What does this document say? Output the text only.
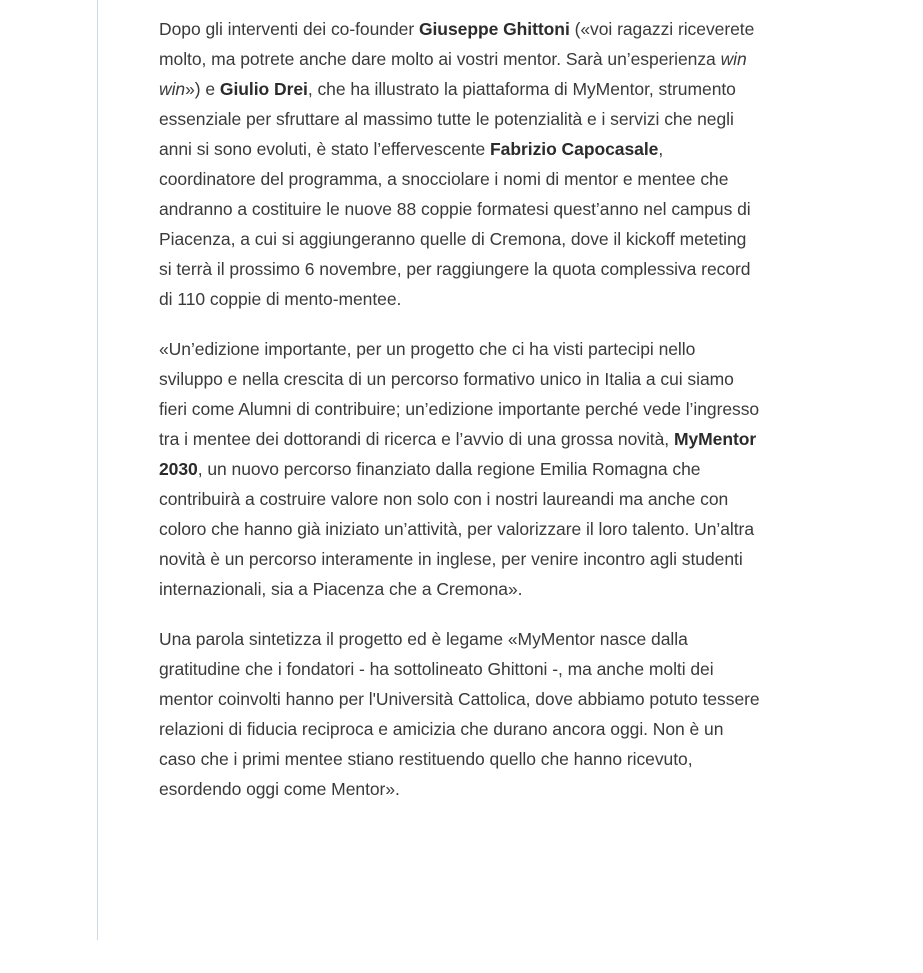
Dopo gli interventi dei co-founder Giuseppe Ghittoni («voi ragazzi riceverete molto, ma potrete anche dare molto ai vostri mentor. Sarà un’esperienza win win») e Giulio Drei, che ha illustrato la piattaforma di MyMentor, strumento essenziale per sfruttare al massimo tutte le potenzialità e i servizi che negli anni si sono evoluti, è stato l’effervescente Fabrizio Capocasale, coordinatore del programma, a snocciolare i nomi di mentor e mentee che andranno a costituire le nuove 88 coppie formatesi quest’anno nel campus di Piacenza, a cui si aggiungeranno quelle di Cremona, dove il kickoff meteting si terrà il prossimo 6 novembre, per raggiungere la quota complessiva record di 110 coppie di mento-mentee.

«Un’edizione importante, per un progetto che ci ha visti partecipi nello sviluppo e nella crescita di un percorso formativo unico in Italia a cui siamo fieri come Alumni di contribuire; un’edizione importante perché vede l’ingresso tra i mentee dei dottorandi di ricerca e l’avvio di una grossa novità, MyMentor 2030, un nuovo percorso finanziato dalla regione Emilia Romagna che contribuirà a costruire valore non solo con i nostri laureandi ma anche con coloro che hanno già iniziato un’attività, per valorizzare il loro talento. Un’altra novità è un percorso interamente in inglese, per venire incontro agli studenti internazionali, sia a Piacenza che a Cremona».

Una parola sintetizza il progetto ed è legame «MyMentor nasce dalla gratitudine che i fondatori - ha sottolineato Ghittoni -, ma anche molti dei mentor coinvolti hanno per l'Università Cattolica, dove abbiamo potuto tessere relazioni di fiducia reciproca e amicizia che durano ancora oggi. Non è un caso che i primi mentee stiano restituendo quello che hanno ricevuto, esordendo oggi come Mentor».
